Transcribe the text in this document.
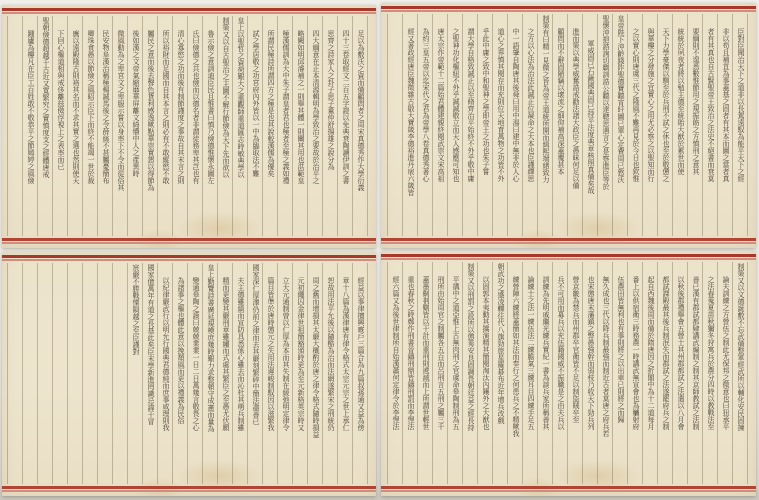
足以為敷沃之資而備顧問者之周宋真德秀作大學衍義
四十三卷取經文二百五字證以免典衰陶讀伊訓之書
思齊之詩家人之卦子思子董仲舒揚雄之說分為
四大綱意在正本清源輯明為學致治之要故於治平之
略闕如明邱濬補之一則舉其體一則闡其用也洪範皇
極漢儒訓為大中朱子謂皇者君也極者至極之義如禮
所謂民極詩所謂四方之極是也其說較漢儒為優矣
試之學居敬之功宮府內外皆以一中為臨取法不難
皇上以聖哲之資荷艱大之重觀師重道匯志時敏典學以
制策又以自古聖治之主圖不解行節儉為天下先而欲以
魯示儉之意訓迪臣民且惟書曰慎乃儉德惟懷永圖左
氏曰儉德之共也儉而以德名者非謂徒務卑其芑也有
清心寡慾之功而後有制節謹度之事故自其末言之則
所以裕財而足國而自其本言之則必有不敢縱慾不敢
屬民之意而後去聲色貨利感逸歟點華崇實懇以得節為
後如漢之文帝氣縮靡華屏離文綺懵中人之產異時
微風動為之卑宮文之卑服示嘗以身率下不令而從俗其
民安物阜漢治稱極楊誠馬後之令薛絲不甚屬憂簡布
卿珠貪愚以節儉之風昭示臣下而終不能竭一世於裁
廡以遠殿隆古則袼其名而不求其實之選也然則使天
下回心樞道相與戒侈離玆傚俘視上之表率而已
聖朝儉德超越千古近又寬繁究之實慎度支之經體唐戒
踵廬為樓凡在臣工百姓敢不敬恭平之節嫣婷之風儉	臣對臣聞治天下之道非以長駕遠馭為能平天下之經
非以苟且補苴為事蓋基之固者有其本而圖之當者真
者有其真也自古賢聖帝王致治之法史不絕書而衰莫
要綱則不遑悉數惟節用之規振飭之方慎刑之意其
統統於夙夜者將以勉主德至統貽大猷於累世而使
天下力學豪傑以馴至於兵刑不試之休也至於敬憊之
與華樓之分發施之宜實心之用尤必察之以聖知而行
之以實心則唐虞三代之隆風不難再見於今日也欽惟
皇帝陛下沖齡踐阼聖德寶聽宵旰圖已單心定費周已憝沃
聖懷沖挹諮詢切劘訓誥公聽以達聰思遇言之是察進臣等於
軍威固已石鍬國典固已持平法度典章核照真備矣哉
進而策以典學威奮誥戒勸法諸大政臣之愚昧何足以備
顧問而不辭固陋竊以壞流之細仰補高深蓋覆甚本
制策有曰精一見微之旨為帝王道統所開而緝熙端緒致力
之方以心法為治法此誠正位凝命之大本也臣謹繹思
中一語肇自陶唐其後舜曰用中湯曰建中無非於人心
道心之界慎其閱存而充則位天地育萬物之功皆不外
乎此中庸之致中和聖神之學即帝王之功也朱子嘗
謂大學自格致誠正以至脩齊治平始終不外乎敬中庸
之聖神功化樞紐不外乎誠誠敬立而天人感應可知也
唐太宗作帝範十二篇始君體建親終閱武崇文宋高祖
為約三皇五帝以迄宋代之君為帝學八卷真德秀著心
經又著政經唐臣魏徵雜古敭大寶箴李德裕進丹扆六箴皆
經益以事律擅興廐戶三篇合為九篇叔孫通又益為傍
章十八篇為漢律唐有律令格式太宗元宗之世上承仁
恕故用法平允後以隨酷為治而法網遂繁宋之刑統仍
周之舊而增損其太嚴大概酌於唐之律令格式隨時損益
元初繩囚金律世祖簡豁頒時更為至元新格英宗時又
立大元通制曾以仁厚為本而其失制在緩弛明定律令
篇目皆準於唐時懲元之失用法遲峻制馭因以滋繁我
國家深仁厚澤仍前之律而去其嚴刻繁碎中簡法盡善已
夫主德雖縝而宣防具悉係心雖去而沁杜其萌兵制雖
精而更變其嚴刑章雖繡而式處其繁臣之至愚尤伏願
皇上勤覽詩書廣延規模庶幾時艱力求整頓守成憲而量為
變通皋陶之謨曰兢兢業業一日二日萬幾言敬畏之心
為諸事之樞也體此意以挽頹風而更以禮義為民俗
以紀律嚴武行以明允行國典君德純而庶事咸理則我
國家億萬年有道之長基此矣臣末學新進罔識忌諱干冒
宸嚴不勝戰慄隕越之至臣謹對	制策又以文德誕敷不忘武備整軍經武所以輔化安民固揀
論夫訓練之方營伍之制此尤保邦之微意也曰狃承平
之法春蒐夏苗秋獮冬狩寓兵於農分四時以教戰法至
善已漢有郡試都肄講武編制之制其京師教試之法制
以秋後郡禮舉會五營士其州郡都試之法遣以八月會
都試課殿最其後兵制泯失而郡試之法遂罷府兵之制
起自西魏後周而備於隋唐因之折閣中為十二道每月
番上以供宿衛三時務農一時講武無宣會也為觿射府
伍農田皆無利也有事則將之以出車已則將之而歸
無久成也三代以降兵制最強而制近古者莫唐之府兵若
也宋懲唐末藩鎮之弊愚強幹而弱枝乃收天下勁兵列
營京畿為禁兵而州郡卒官衛皆不足以制盜賊卒至
兵不可用而募兵以充伍籍國威不振職是之由夫兵以
訓練為先明戚繼光練兵實紀一書為談兵家所稱善其
論練士之法一練伍法二練膽氣三練耳目四練手足五
練營陣六練將蓋簡如其法而奉行之何患兵之不精歟我
朝武功之盛凌轢往代八旗勁旅星羅碁布近年增兵改戲
以固郭本夷動其撟演精其簡閱淘汰內鑲外之大猷也
制策又以刑罰之設所以懲莠安良固調畏朝廷益之經長持
平搆中之道亞惟上古無肉刑之官虞命皋陶制刑為五
刑所由始周官之制屬各五百而呂刑言五刑之屬三千
蓋墨劓剕劅皆以干計而重刑則遞減而上所謂世輕世
重也春秋之時鄭作刑書晉鑄刑鼎皆鑄刑罰而李悝法
經六篇又為後世律制所自始漢蕭何定律令於李悝法
